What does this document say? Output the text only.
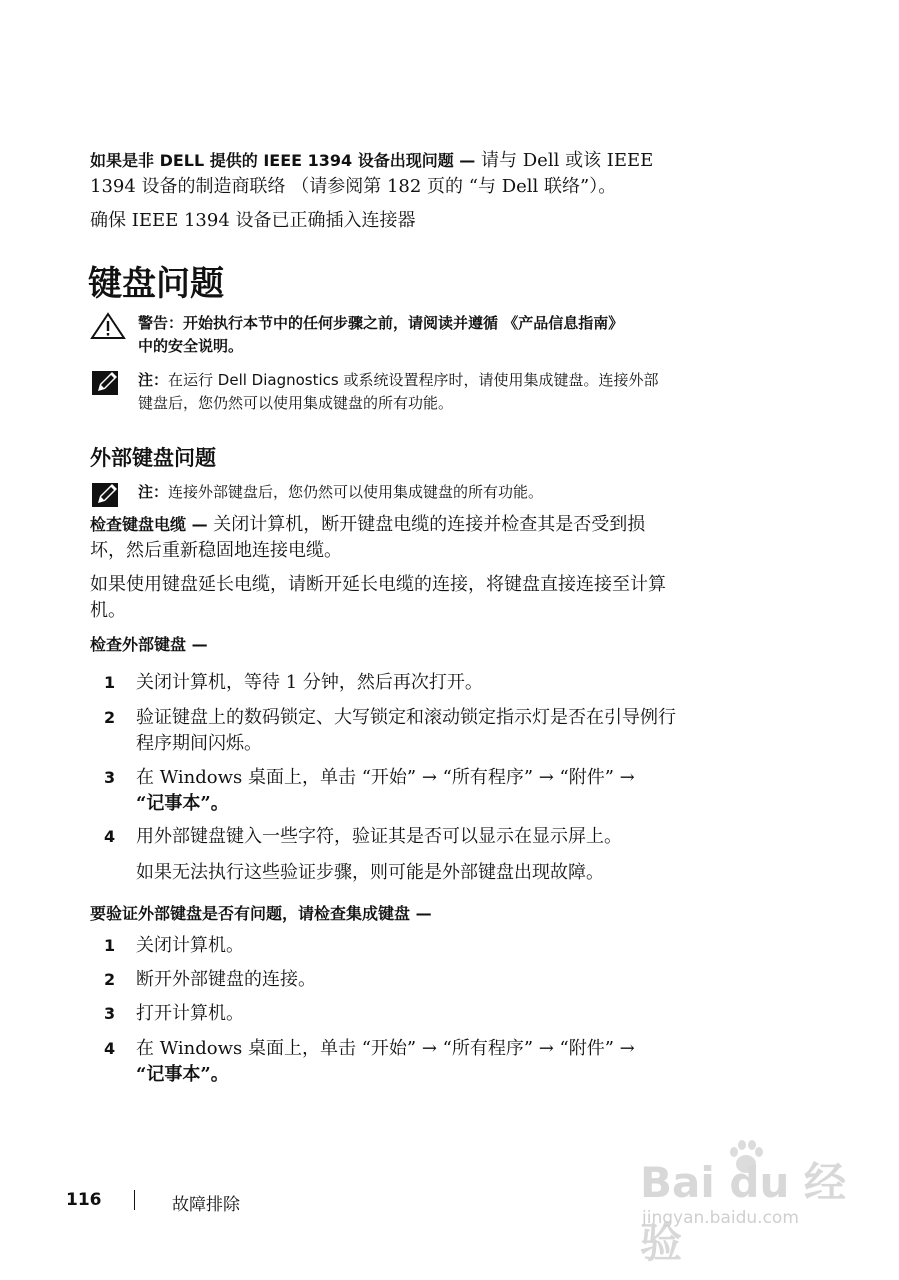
如果是非 DELL 提供的 IEEE 1394 设备出现问题 — 请与 Dell 或该 IEEE
1394 设备的制造商联络 （请参阅第 182 页的 “与 Dell 联络”）。
确保 IEEE 1394 设备已正确插入连接器
键盘问题
警告：开始执行本节中的任何步骤之前，请阅读并遵循 《产品信息指南》
中的安全说明。
注：在运行 Dell Diagnostics 或系统设置程序时，请使用集成键盘。连接外部
键盘后，您仍然可以使用集成键盘的所有功能。
外部键盘问题
注：连接外部键盘后，您仍然可以使用集成键盘的所有功能。
检查键盘电缆 — 关闭计算机，断开键盘电缆的连接并检查其是否受到损
坏，然后重新稳固地连接电缆。
如果使用键盘延长电缆，请断开延长电缆的连接，将键盘直接连接至计算
机。
检查外部键盘 —
1 关闭计算机，等待 1 分钟，然后再次打开。
2 验证键盘上的数码锁定、大写锁定和滚动锁定指示灯是否在引导例行
程序期间闪烁。
3 在 Windows 桌面上，单击 “开始” → “所有程序” → “附件” →
“记事本”。
4 用外部键盘键入一些字符，验证其是否可以显示在显示屏上。
如果无法执行这些验证步骤，则可能是外部键盘出现故障。
要验证外部键盘是否有问题，请检查集成键盘 —
1 关闭计算机。
2 断开外部键盘的连接。
3 打开计算机。
4 在 Windows 桌面上，单击 “开始” → “所有程序” → “附件” →
“记事本”。
116	故障排除	Bai du 经验
jingyan.baidu.com
